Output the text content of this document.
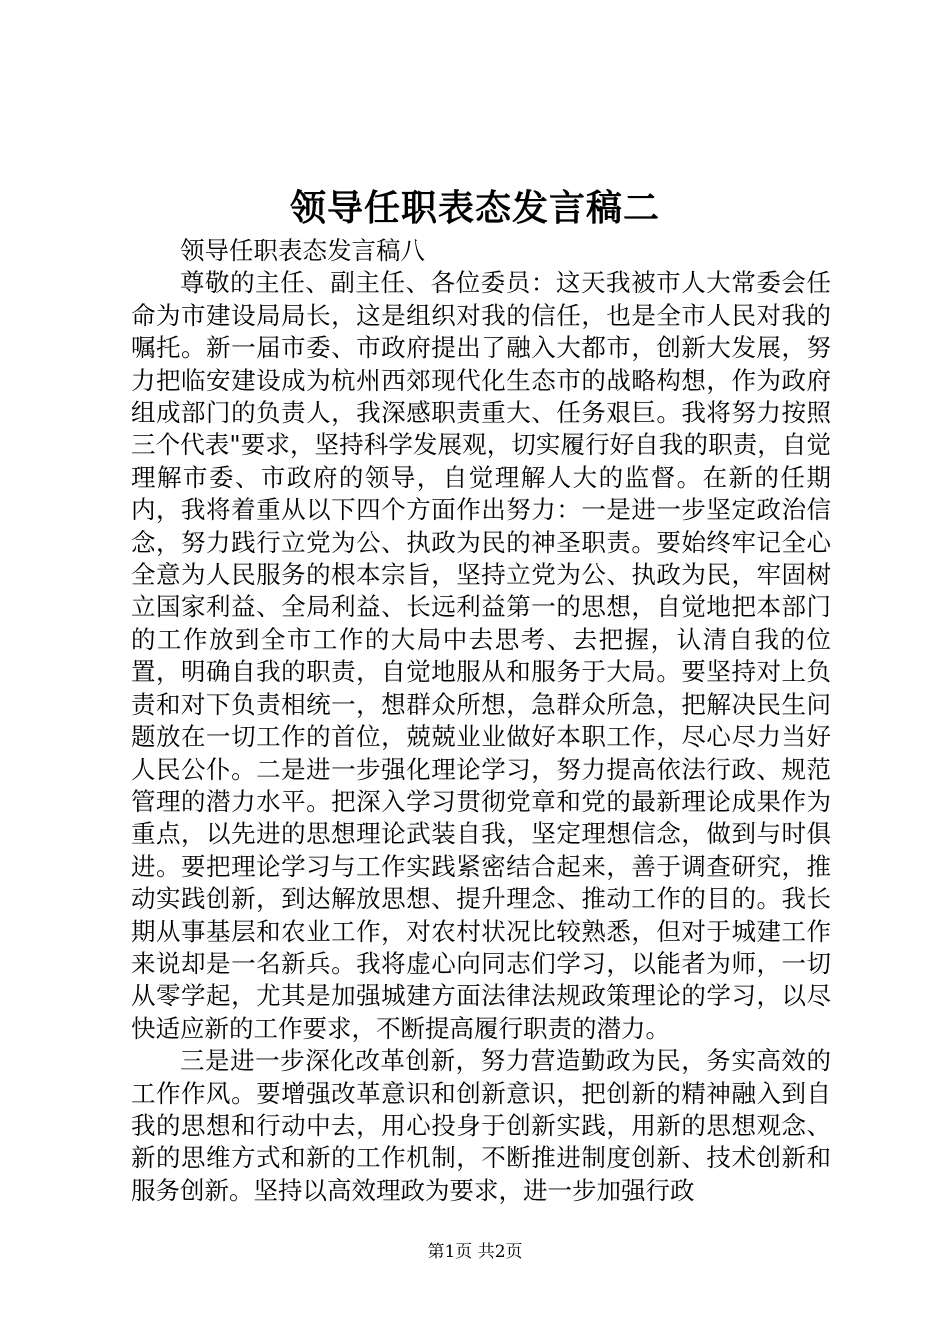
领导任职表态发言稿二

领导任职表态发言稿八

尊敬的主任、副主任、各位委员：这天我被市人大常委会任命为市建设局局长，这是组织对我的信任，也是全市人民对我的嘱托。新一届市委、市政府提出了融入大都市，创新大发展，努力把临安建设成为杭州西郊现代化生态市的战略构想，作为政府组成部门的负责人，我深感职责重大、任务艰巨。我将努力按照三个代表"要求，坚持科学发展观，切实履行好自我的职责，自觉理解市委、市政府的领导，自觉理解人大的监督。在新的任期内，我将着重从以下四个方面作出努力：一是进一步坚定政治信念，努力践行立党为公、执政为民的神圣职责。要始终牢记全心全意为人民服务的根本宗旨，坚持立党为公、执政为民，牢固树立国家利益、全局利益、长远利益第一的思想，自觉地把本部门的工作放到全市工作的大局中去思考、去把握，认清自我的位置，明确自我的职责，自觉地服从和服务于大局。要坚持对上负责和对下负责相统一，想群众所想，急群众所急，把解决民生问题放在一切工作的首位，兢兢业业做好本职工作，尽心尽力当好人民公仆。二是进一步强化理论学习，努力提高依法行政、规范管理的潜力水平。把深入学习贯彻党章和党的最新理论成果作为重点，以先进的思想理论武装自我，坚定理想信念，做到与时俱进。要把理论学习与工作实践紧密结合起来，善于调查研究，推动实践创新，到达解放思想、提升理念、推动工作的目的。我长期从事基层和农业工作，对农村状况比较熟悉，但对于城建工作来说却是一名新兵。我将虚心向同志们学习，以能者为师，一切从零学起，尤其是加强城建方面法律法规政策理论的学习，以尽快适应新的工作要求，不断提高履行职责的潜力。

三是进一步深化改革创新，努力营造勤政为民，务实高效的工作作风。要增强改革意识和创新意识，把创新的精神融入到自我的思想和行动中去，用心投身于创新实践，用新的思想观念、新的思维方式和新的工作机制，不断推进制度创新、技术创新和服务创新。坚持以高效理政为要求，进一步加强行政

第1页 共2页
